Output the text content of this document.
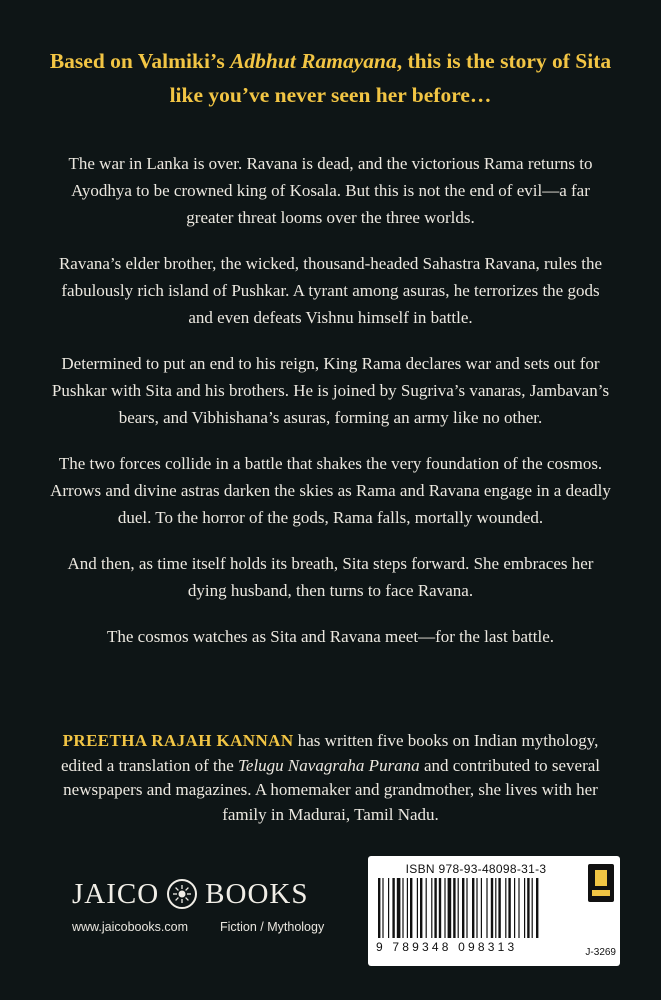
Based on Valmiki’s Adbhut Ramayana, this is the story of Sita like you’ve never seen her before…

The war in Lanka is over. Ravana is dead, and the victorious Rama returns to Ayodhya to be crowned king of Kosala. But this is not the end of evil—a far greater threat looms over the three worlds.

Ravana’s elder brother, the wicked, thousand-headed Sahastra Ravana, rules the fabulously rich island of Pushkar. A tyrant among asuras, he terrorizes the gods and even defeats Vishnu himself in battle.

Determined to put an end to his reign, King Rama declares war and sets out for Pushkar with Sita and his brothers. He is joined by Sugriva’s vanaras, Jambavan’s bears, and Vibhishana’s asuras, forming an army like no other.

The two forces collide in a battle that shakes the very foundation of the cosmos. Arrows and divine astras darken the skies as Rama and Ravana engage in a deadly duel. To the horror of the gods, Rama falls, mortally wounded.

And then, as time itself holds its breath, Sita steps forward. She embraces her dying husband, then turns to face Ravana.

The cosmos watches as Sita and Ravana meet—for the last battle.

PREETHA RAJAH KANNAN has written five books on Indian mythology, edited a translation of the Telugu Navagraha Purana and contributed to several newspapers and magazines. A homemaker and grandmother, she lives with her family in Madurai, Tamil Nadu.
JAICO BOOKS
www.jaicobooks.com	Fiction / Mythology
ISBN 978-93-48098-31-3
9 789348 098313	J-3269
